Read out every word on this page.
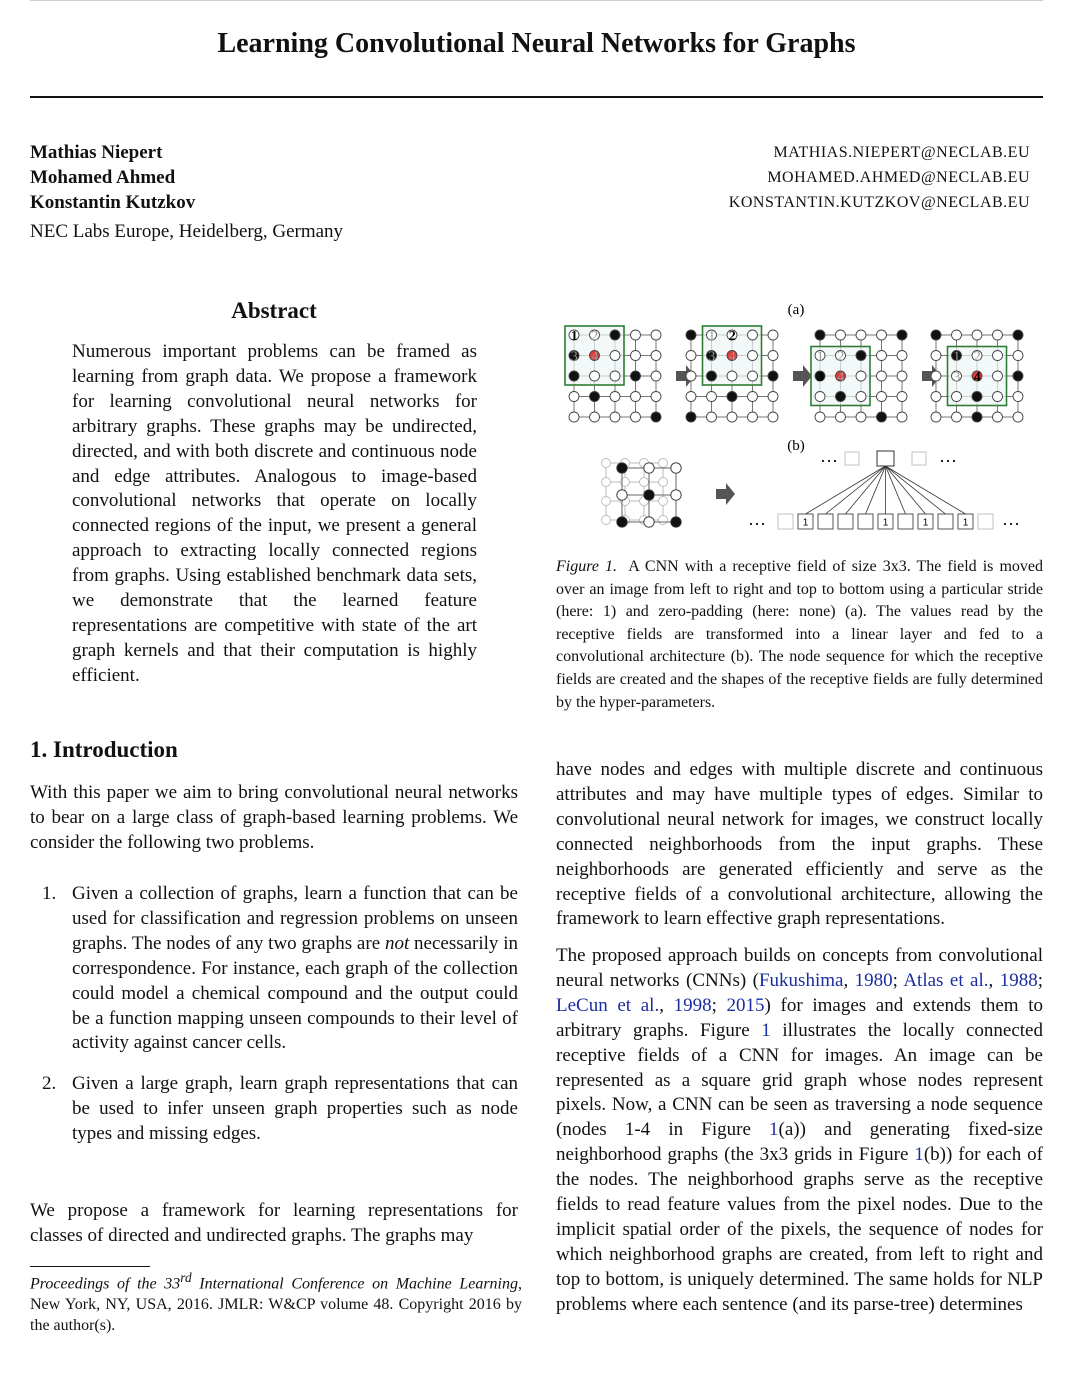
Learning Convolutional Neural Networks for Graphs
Mathias Niepert	MATHIAS.NIEPERT@NECLAB.EU
Mohamed Ahmed	MOHAMED.AHMED@NECLAB.EU
Konstantin Kutzkov	KONSTANTIN.KUTZKOV@NECLAB.EU
NEC Labs Europe, Heidelberg, Germany
Abstract
Numerous important problems can be framed as learning from graph data. We propose a framework for learning convolutional neural networks for arbitrary graphs. These graphs may be undirected, directed, and with both discrete and continuous node and edge attributes. Analogous to image-based convolutional networks that operate on locally connected regions of the input, we present a general approach to extracting locally connected regions from graphs. Using established benchmark data sets, we demonstrate that the learned feature representations are competitive with state of the art graph kernels and that their computation is highly efficient.
1. Introduction
With this paper we aim to bring convolutional neural networks to bear on a large class of graph-based learning problems. We consider the following two problems.
1. Given a collection of graphs, learn a function that can be used for classification and regression problems on unseen graphs. The nodes of any two graphs are not necessarily in correspondence. For instance, each graph of the collection could model a chemical compound and the output could be a function mapping unseen compounds to their level of activity against cancer cells.
2. Given a large graph, learn graph representations that can be used to infer unseen graph properties such as node types and missing edges.
We propose a framework for learning representations for classes of directed and undirected graphs. The graphs may
Proceedings of the 33rd International Conference on Machine Learning, New York, NY, USA, 2016. JMLR: W&CP volume 48. Copyright 2016 by the author(s).
(a)
1 2
3 4
1 2
3 4	1 2
3 4
1 2
3 4
(b)
1	1	1	1
…	…
…	…
Figure 1. A CNN with a receptive field of size 3x3. The field is moved over an image from left to right and top to bottom using a particular stride (here: 1) and zero-padding (here: none) (a). The values read by the receptive fields are transformed into a linear layer and fed to a convolutional architecture (b). The node sequence for which the receptive fields are created and the shapes of the receptive fields are fully determined by the hyper-parameters.
have nodes and edges with multiple discrete and continuous attributes and may have multiple types of edges. Similar to convolutional neural network for images, we construct locally connected neighborhoods from the input graphs. These neighborhoods are generated efficiently and serve as the receptive fields of a convolutional architecture, allowing the framework to learn effective graph representations.
The proposed approach builds on concepts from convolutional neural networks (CNNs) (Fukushima, 1980; Atlas et al., 1988; LeCun et al., 1998; 2015) for images and extends them to arbitrary graphs. Figure 1 illustrates the locally connected receptive fields of a CNN for images. An image can be represented as a square grid graph whose nodes represent pixels. Now, a CNN can be seen as traversing a node sequence (nodes 1-4 in Figure 1(a)) and generating fixed-size neighborhood graphs (the 3x3 grids in Figure 1(b)) for each of the nodes. The neighborhood graphs serve as the receptive fields to read feature values from the pixel nodes. Due to the implicit spatial order of the pixels, the sequence of nodes for which neighborhood graphs are created, from left to right and top to bottom, is uniquely determined. The same holds for NLP problems where each sentence (and its parse-tree) determines
